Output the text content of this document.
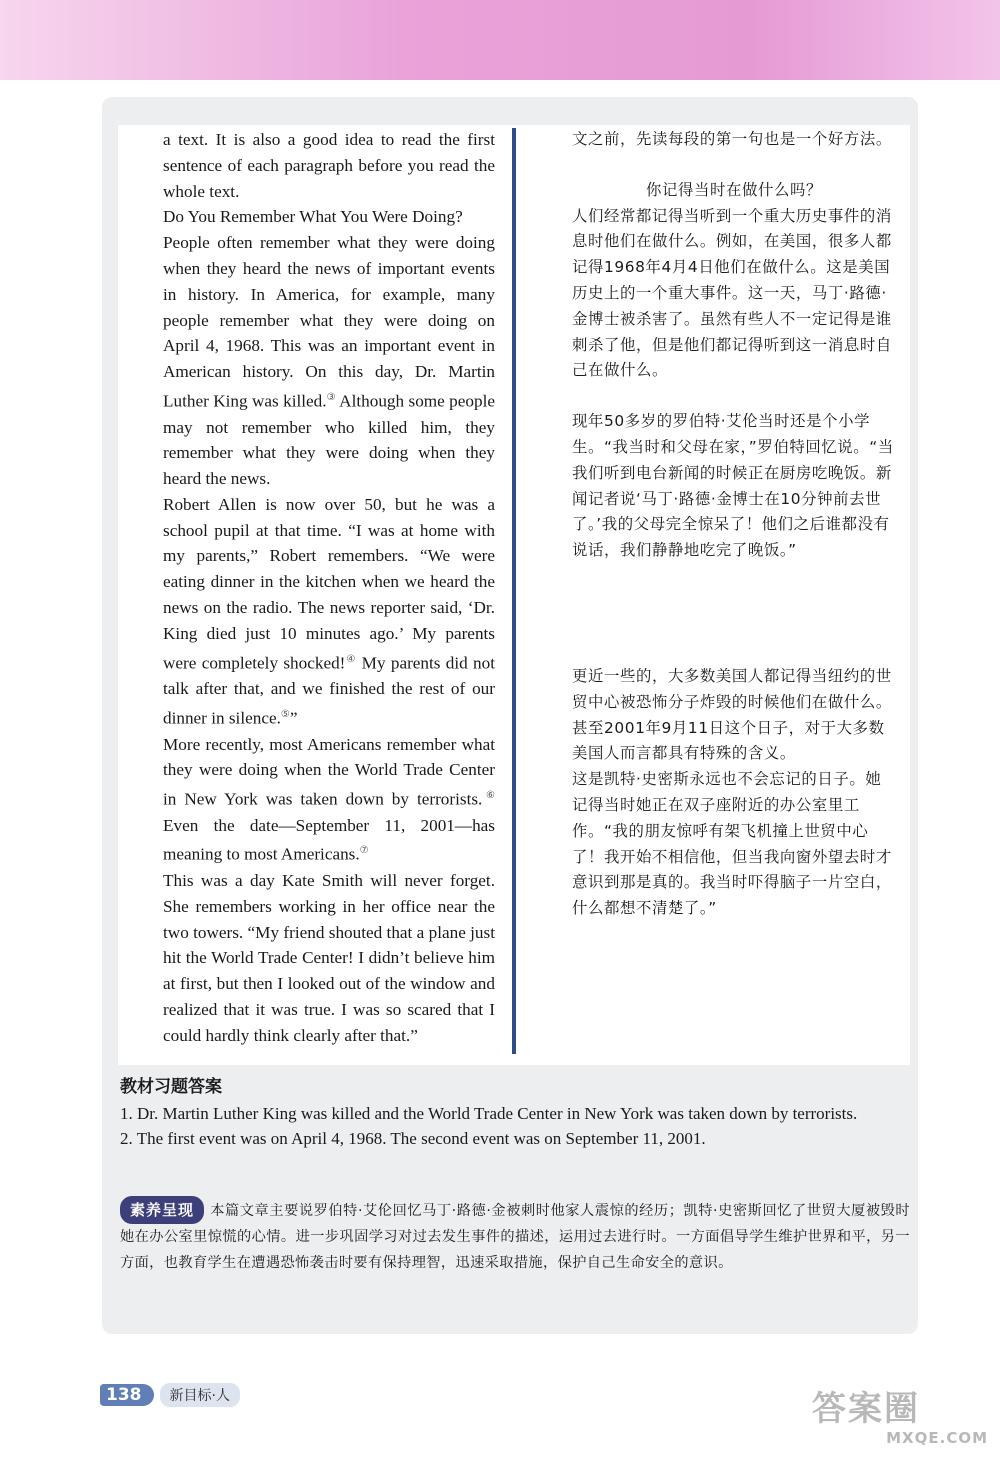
a text. It is also a good idea to read the first sentence of each paragraph before you read the whole text.

Do You Remember What You Were Doing?

People often remember what they were doing when they heard the news of important events in history. In America, for example, many people remember what they were doing on April 4, 1968. This was an important event in American history. On this day, Dr. Martin Luther King was killed.③ Although some people may not remember who killed him, they remember what they were doing when they heard the news.

Robert Allen is now over 50, but he was a school pupil at that time. “I was at home with my parents,” Robert remembers. “We were eating dinner in the kitchen when we heard the news on the radio. The news reporter said, ‘Dr. King died just 10 minutes ago.’ My parents were completely shocked!④ My parents did not talk after that, and we finished the rest of our dinner in silence.⑤”

More recently, most Americans remember what they were doing when the World Trade Center in New York was taken down by terrorists.⑥ Even the date—September 11, 2001—has meaning to most Americans.⑦

This was a day Kate Smith will never forget. She remembers working in her office near the two towers. “My friend shouted that a plane just hit the World Trade Center! I didn’t believe him at first, but then I looked out of the window and realized that it was true. I was so scared that I could hardly think clearly after that.”

文之前，先读每段的第一句也是一个好方法。

你记得当时在做什么吗？

人们经常都记得当听到一个重大历史事件的消息时他们在做什么。例如，在美国，很多人都记得1968年4月4日他们在做什么。这是美国历史上的一个重大事件。这一天，马丁·路德·金博士被杀害了。虽然有些人不一定记得是谁刺杀了他，但是他们都记得听到这一消息时自己在做什么。

现年50多岁的罗伯特·艾伦当时还是个小学生。“我当时和父母在家，”罗伯特回忆说。“当我们听到电台新闻的时候正在厨房吃晚饭。新闻记者说‘马丁·路德·金博士在10分钟前去世了。’我的父母完全惊呆了！他们之后谁都没有说话，我们静静地吃完了晚饭。”

更近一些的，大多数美国人都记得当纽约的世贸中心被恐怖分子炸毁的时候他们在做什么。甚至2001年9月11日这个日子，对于大多数美国人而言都具有特殊的含义。

这是凯特·史密斯永远也不会忘记的日子。她记得当时她正在双子座附近的办公室里工作。“我的朋友惊呼有架飞机撞上世贸中心了！我开始不相信他，但当我向窗外望去时才意识到那是真的。我当时吓得脑子一片空白，什么都想不清楚了。”

教材习题答案

1. Dr. Martin Luther King was killed and the World Trade Center in New York was taken down by terrorists.

2. The first event was on April 4, 1968. The second event was on September 11, 2001.

素养呈现 本篇文章主要说罗伯特·艾伦回忆马丁·路德·金被刺时他家人震惊的经历；凯特·史密斯回忆了世贸大厦被毁时她在办公室里惊慌的心情。进一步巩固学习对过去发生事件的描述，运用过去进行时。一方面倡导学生维护世界和平，另一方面，也教育学生在遭遇恐怖袭击时要有保持理智，迅速采取措施，保护自己生命安全的意识。
138	新目标·人	答案圈
MXQE.COM
